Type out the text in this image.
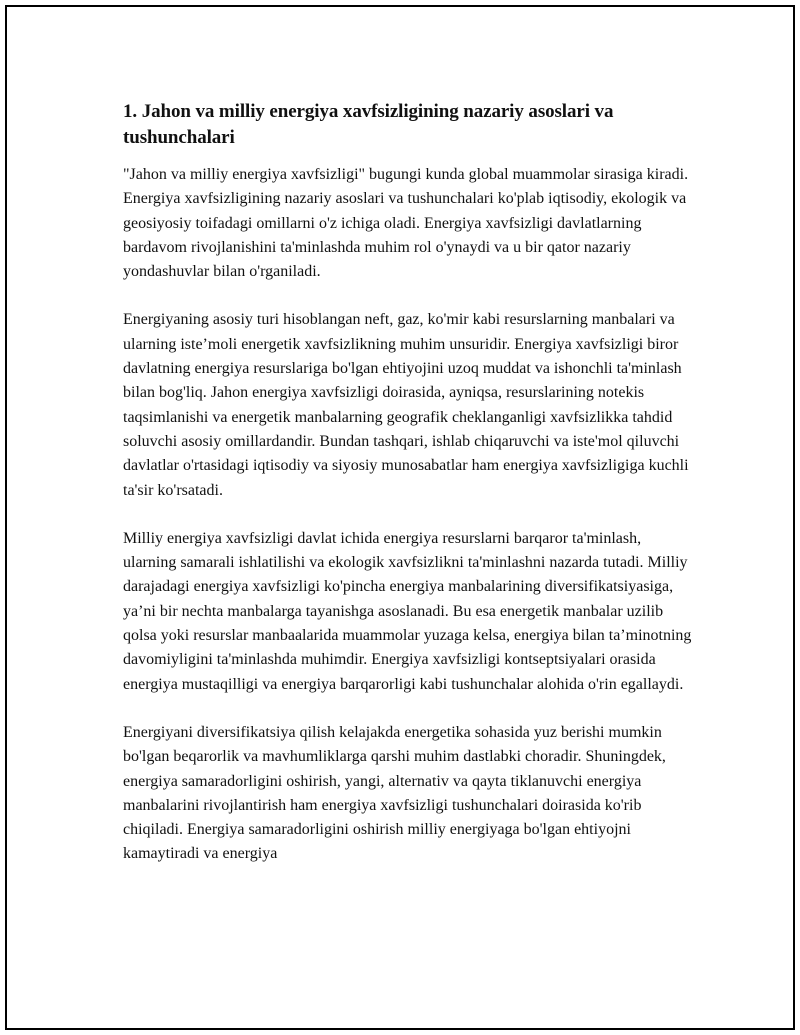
1. Jahon va milliy energiya xavfsizligining nazariy asoslari va tushunchalari

"Jahon va milliy energiya xavfsizligi" bugungi kunda global muammolar sirasiga kiradi. Energiya xavfsizligining nazariy asoslari va tushunchalari ko'plab iqtisodiy, ekologik va geosiyosiy toifadagi omillarni o'z ichiga oladi. Energiya xavfsizligi davlatlarning bardavom rivojlanishini ta'minlashda muhim rol o'ynaydi va u bir qator nazariy yondashuvlar bilan o'rganiladi.

Energiyaning asosiy turi hisoblangan neft, gaz, ko'mir kabi resurslarning manbalari va ularning iste’moli energetik xavfsizlikning muhim unsuridir. Energiya xavfsizligi biror davlatning energiya resurslariga bo'lgan ehtiyojini uzoq muddat va ishonchli ta'minlash bilan bog'liq. Jahon energiya xavfsizligi doirasida, ayniqsa, resurslarining notekis taqsimlanishi va energetik manbalarning geografik cheklanganligi xavfsizlikka tahdid soluvchi asosiy omillardandir. Bundan tashqari, ishlab chiqaruvchi va iste'mol qiluvchi davlatlar o'rtasidagi iqtisodiy va siyosiy munosabatlar ham energiya xavfsizligiga kuchli ta'sir ko'rsatadi.

Milliy energiya xavfsizligi davlat ichida energiya resurslarni barqaror ta'minlash, ularning samarali ishlatilishi va ekologik xavfsizlikni ta'minlashni nazarda tutadi. Milliy darajadagi energiya xavfsizligi ko'pincha energiya manbalarining diversifikatsiyasiga, ya’ni bir nechta manbalarga tayanishga asoslanadi. Bu esa energetik manbalar uzilib qolsa yoki resurslar manbaalarida muammolar yuzaga kelsa, energiya bilan ta’minotning davomiyligini ta'minlashda muhimdir. Energiya xavfsizligi kontseptsiyalari orasida energiya mustaqilligi va energiya barqarorligi kabi tushunchalar alohida o'rin egallaydi.

Energiyani diversifikatsiya qilish kelajakda energetika sohasida yuz berishi mumkin bo'lgan beqarorlik va mavhumliklarga qarshi muhim dastlabki choradir. Shuningdek, energiya samaradorligini oshirish, yangi, alternativ va qayta tiklanuvchi energiya manbalarini rivojlantirish ham energiya xavfsizligi tushunchalari doirasida ko'rib chiqiladi. Energiya samaradorligini oshirish milliy energiyaga bo'lgan ehtiyojni kamaytiradi va energiya
